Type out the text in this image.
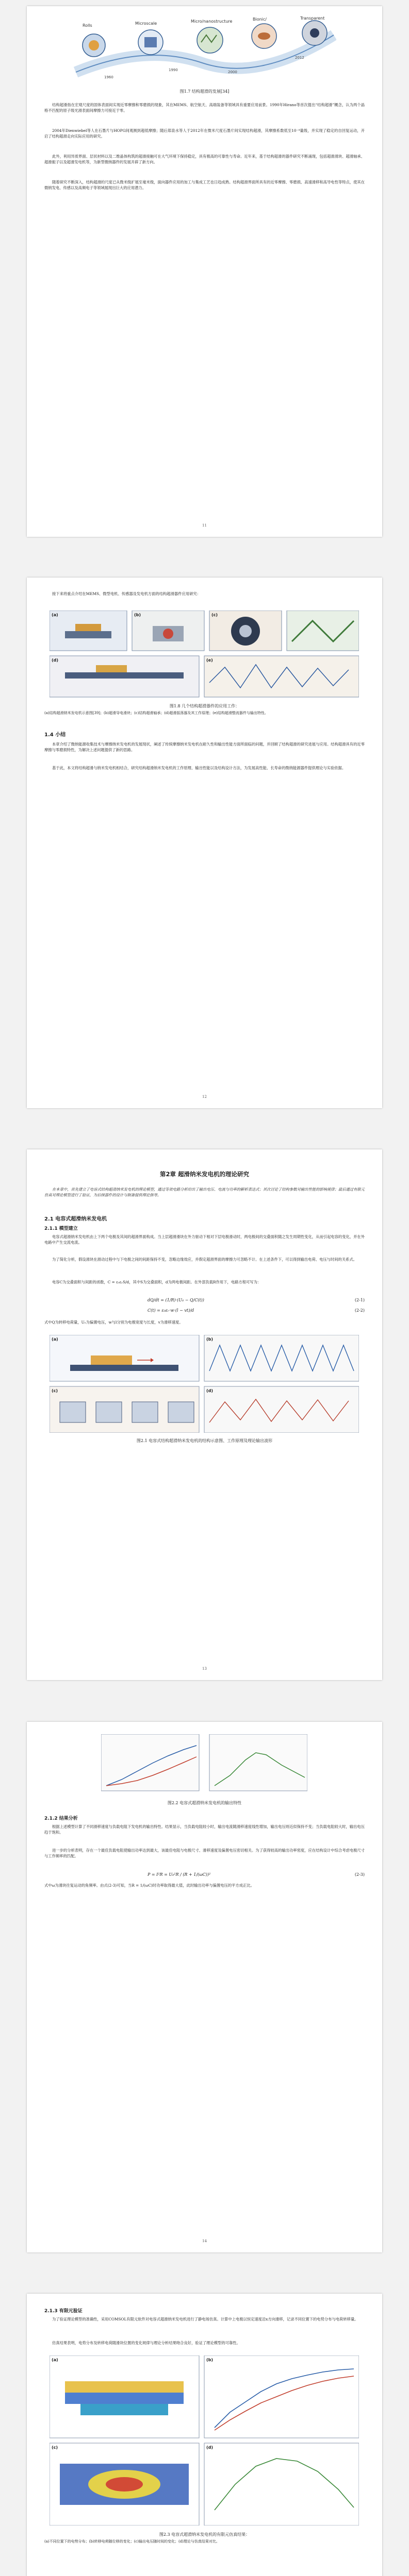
Rolls	Microscale	Micro/nanostructure	Bionic/	Transparent
1960
1990	2000
2012
图1.7 结构超滑的发展[34]
结构超滑指在宏观尺度的固体表面间实现近零摩擦和零磨损的现象，其在MEMS、航空航天、高端装备等领域具有重要应用前景。1990年Hirano等首次提出“结构超滑”概念，认为两个晶格不匹配的原子级光滑表面间摩擦力可接近于零。
2004年Dienwiebel等人在石墨片与HOPG间观测到超低摩擦；随后郑泉水等人于2012年在微米尺度石墨片间实现结构超滑，其摩擦系数低至10⁻⁴量级，并实现了稳定的自回复运动，开启了结构超滑走向实际应用的研究。
此外，利用异质界面、层状材料以及二维晶体构筑的超滑接触可在大气环境下保持稳定，具有极高的可靠性与寿命。近年来，基于结构超滑的器件研究不断涌现，包括超滑滑块、超滑轴承、超滑振子以及超滑发电机等，为新型微纳器件的发展开辟了新方向。
随着研究不断深入，结构超滑的尺度已从微米级扩展至毫米级，面向器件应用的加工与集成工艺也日趋成熟。结构超滑界面所具有的近零摩擦、零磨损、高速滑移和高导电性等特点，使其在微纳发电、传感以及高频电子等领域展现出巨大的应用潜力。
11
接下来将重点介绍在MEMS、微型电机、传感器及发电机方面的结构超滑器件应用研究：
(a)	(b)	(c)
(d)	(e)
图1.8 几个结构超滑器件的应用工作：
(a)结构超滑纳米发电机示意图[39]；(b)超滑导电滑块；(c)结构超滑轴承；(d)超滑振荡器及其工作原理；(e)结构超滑整流器件与输出特性。
1.4 小结
本章介绍了微纳能源收集技术与摩擦纳米发电机的发展现状，阐述了传统摩擦纳米发电机在耐久性和输出性能方面所面临的问题，并回顾了结构超滑的研究进展与应用。结构超滑具有的近零摩擦与零磨损特性，为解决上述问题提供了新的思路。
基于此，本文将结构超滑与纳米发电机相结合，研究结构超滑纳米发电机的工作原理、输出性能以及结构设计方法，为发展高性能、长寿命的微纳能源器件提供理论与实验依据。
12
第2章 超滑纳米发电机的理论研究
在本章中，首先建立了电容式结构超滑纳米发电机的理论模型，通过等效电路分析给出了输出电压、电流与功率的解析表达式；其次讨论了结构参数对输出性能的影响规律；最后通过有限元仿真对理论模型进行了验证，为后续器件的设计与制备提供理论指导。
2.1 电容式超滑纳米发电机
2.1.1 模型建立
电容式超滑纳米发电机由上下两个电极及其间的超滑界面构成。当上层超滑滑块在外力驱动下相对下层电极滑动时，两电极间的交叠面积随之发生周期性变化，从而引起电容的变化，并在外电路中产生交流电流。
为了简化分析，假设滑块在滑动过程中与下电极之间的间距保持不变，忽略边缘效应，并假定超滑界面的摩擦力可忽略不计。在上述条件下，可以得到输出电荷、电压与时间的关系式。
电容C为交叠面积与间距的函数，C = ε₀εᵣS/d，其中S为交叠面积，d为两电极间距。在外部负载R作用下，电路方程可写为：
dQ/dt = (1/R)·(U₀ − Q/C(t))	(2-1)
C(t) = ε₀εᵣ·w·(l − vt)/d	(2-2)
式中Q为转移电荷量，U₀为偏置电压，w与l分别为电极宽度与长度，v为滑移速度。
(a)	(b)
(c)	(d)
图2.1 电容式结构超滑纳米发电机的结构示意图、工作原理及理论输出波形
13
图2.2 电容式超滑纳米发电机的输出特性
2.1.2 结果分析
根据上述模型计算了不同滑移速度与负载电阻下发电机的输出特性。结果显示，当负载电阻较小时，输出电流随滑移速度线性增加，输出电压则近似保持不变；当负载电阻较大时，输出电压趋于饱和。
进一步的分析表明，存在一个最佳负载电阻使输出功率达到最大，该最佳电阻与电极尺寸、滑移速度及偏置电压密切相关。为了获得较高的输出功率密度，应在结构设计中综合考虑电极尺寸与工作频率的匹配。
P = I²R = U₀²R / (R + 1/(ωC))²	(2-3)
式中ω为滑块往复运动的角频率。由式(2-3)可知，当R = 1/(ωC)时功率取得最大值，此时输出功率与偏置电压的平方成正比。
14
2.1.3 有限元验证
为了验证理论模型的准确性，采用COMSOL有限元软件对电容式超滑纳米发电机进行了静电场仿真。计算中上电极以恒定速度沿x方向滑移，记录不同位置下的电势分布与电荷转移量。
仿真结果表明，电势分布及转移电荷随滑块位置的变化规律与理论分析结果吻合良好，验证了理论模型的可靠性。
(a)	(b)
(c)	(d)
图2.3 电容式超滑纳米发电机的有限元仿真结果：
(a)不同位置下的电势分布；(b)转移电荷随位移的变化；(c)输出电压随时间的变化；(d)理论与仿真结果对比。
